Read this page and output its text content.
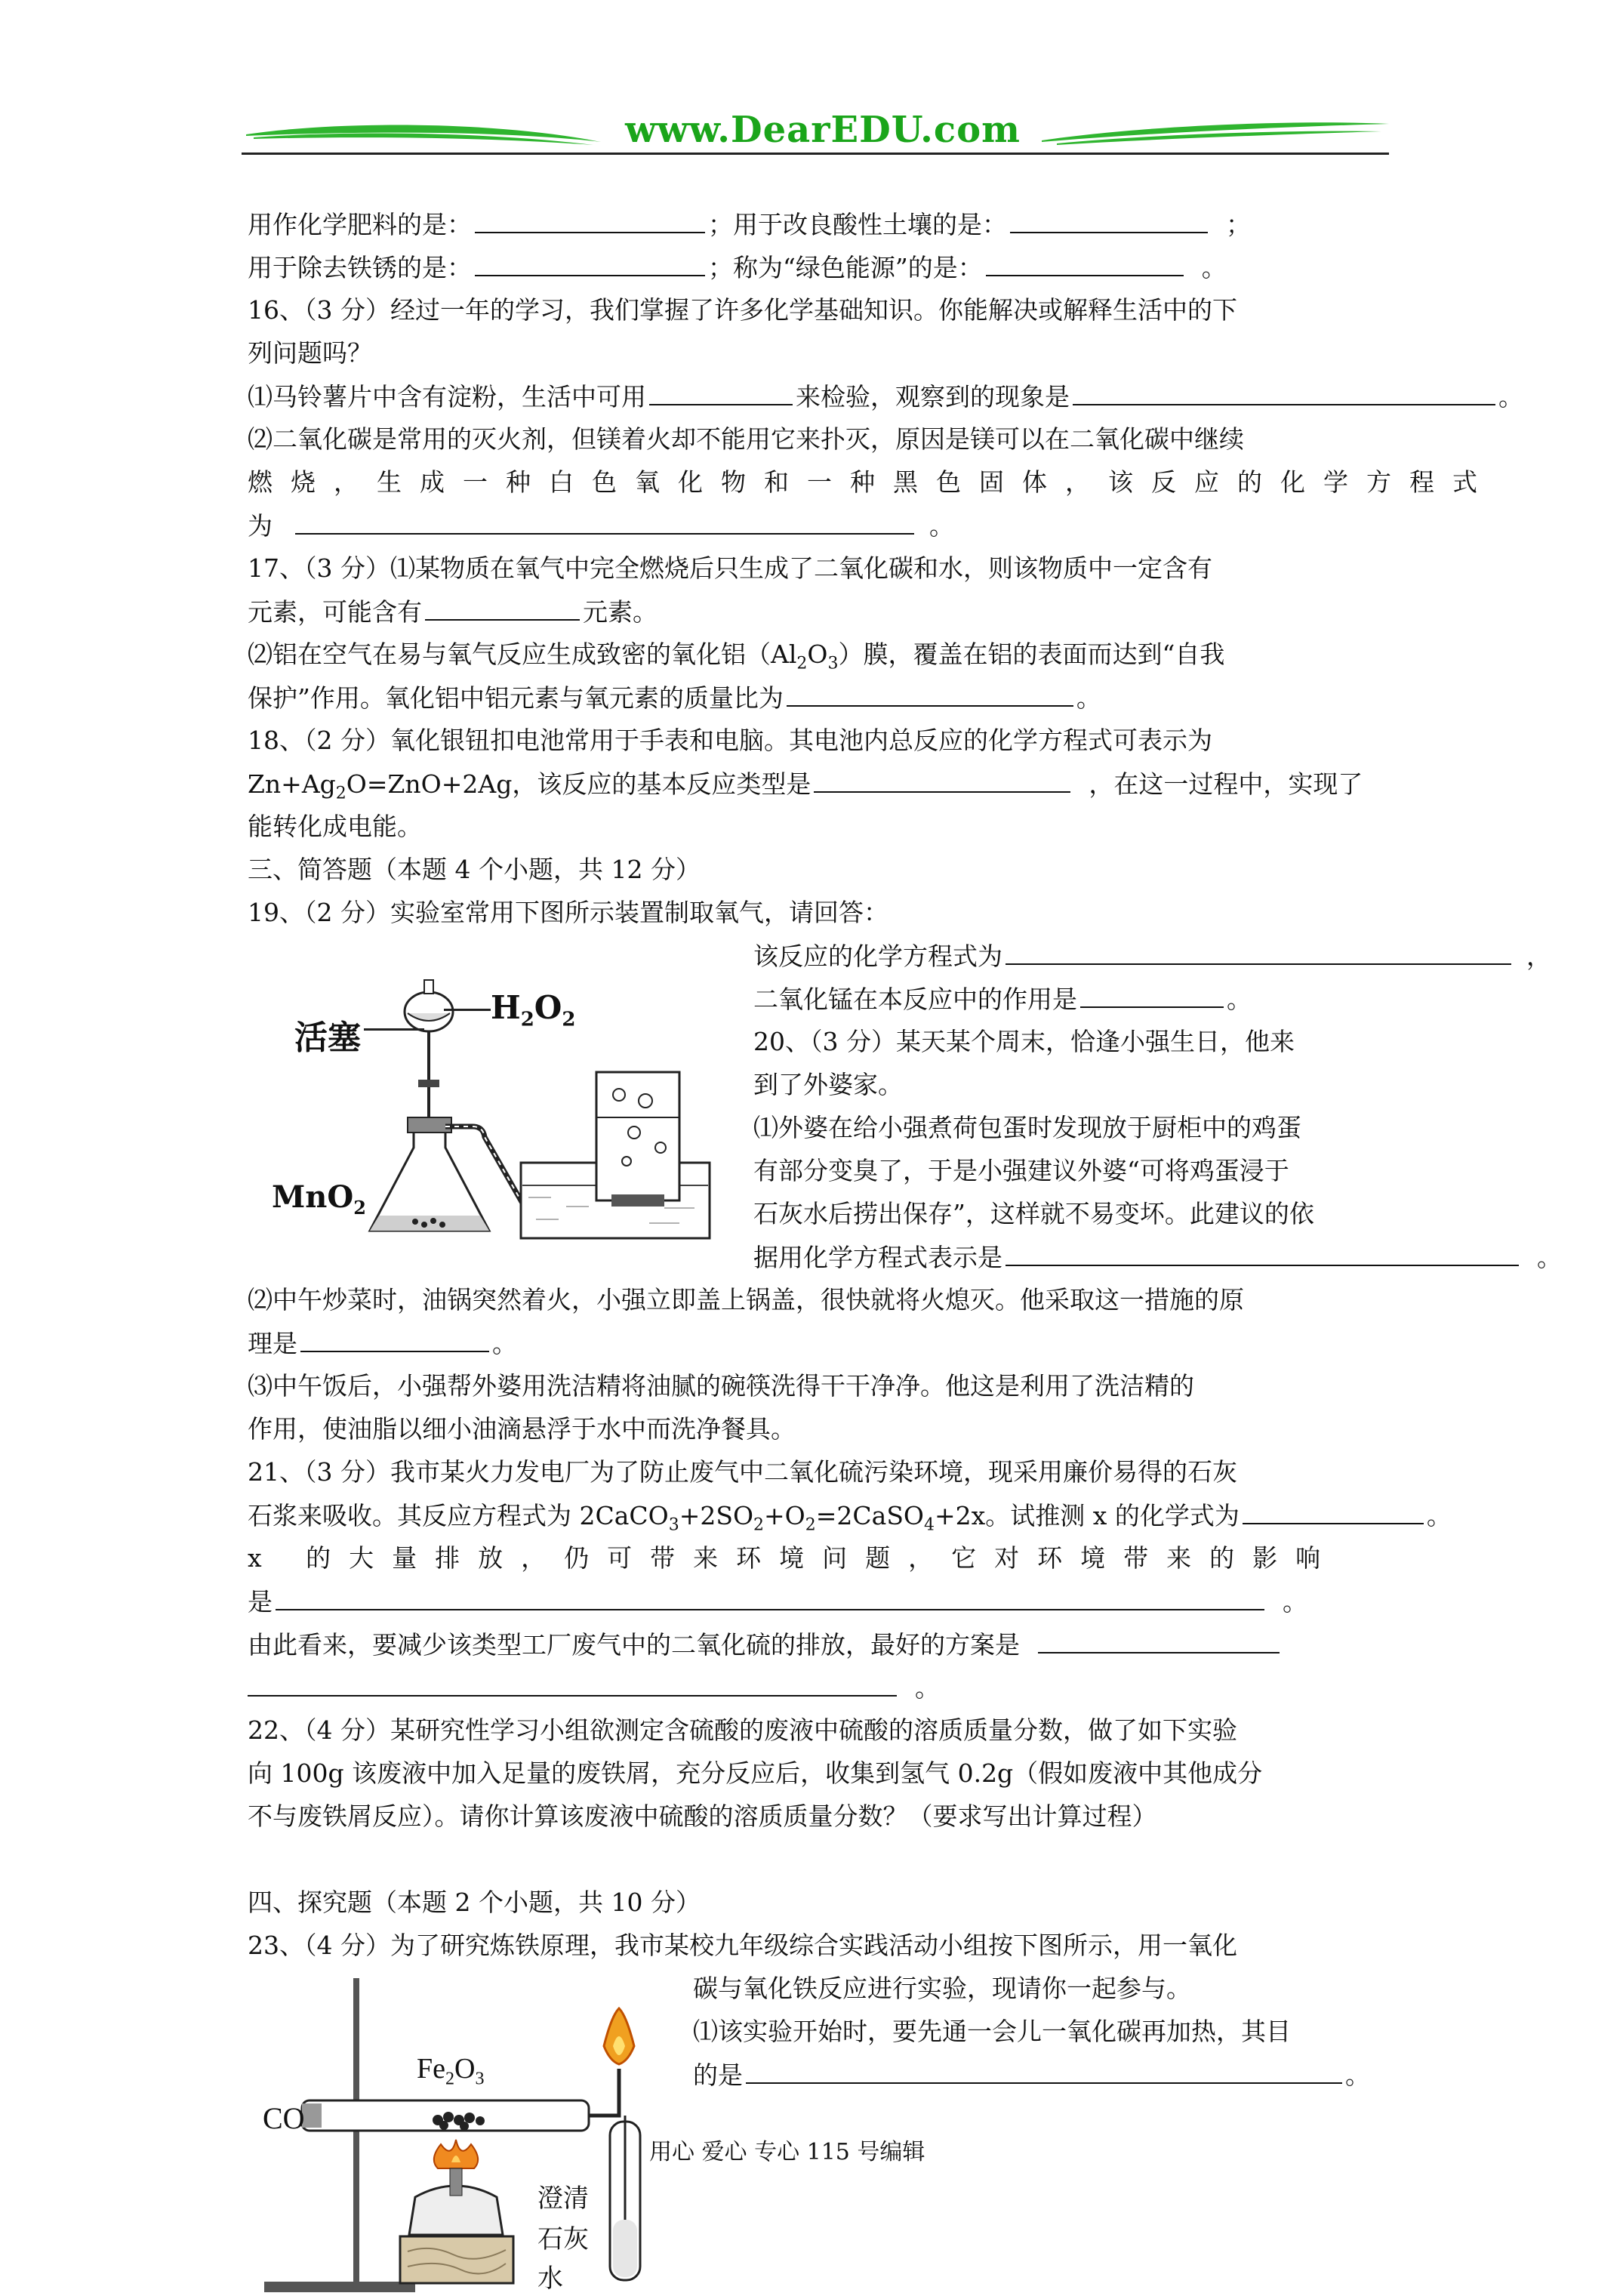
www.DearEDU.com
用作化学肥料的是：	；用于改良酸性土壤的是：	；
用于除去铁锈的是：	；称为“绿色能源”的是：	。
16、（3 分）经过一年的学习，我们掌握了许多化学基础知识。你能解决或解释生活中的下
列问题吗？
⑴马铃薯片中含有淀粉，生活中可用	来检验，观察到的现象是	。
⑵二氧化碳是常用的灭火剂，但镁着火却不能用它来扑灭，原因是镁可以在二氧化碳中继续
燃烧，生成一种白色氧化物和一种黑色固体，该反应的化学方程式
为	。
17、（3 分）⑴某物质在氧气中完全燃烧后只生成了二氧化碳和水，则该物质中一定含有
元素，可能含有	元素。
⑵铝在空气在易与氧气反应生成致密的氧化铝$(Al_2O_3)$膜，覆盖在铝的表面而达到“自我
保护”作用。氧化铝中铝元素与氧元素的质量比为	。
18、（2 分）氧化银钮扣电池常用于手表和电脑。其电池内总反应的化学方程式可表示为
$Zn+Ag_2O=ZnO+2Ag$，该反应的基本反应类型是	，在这一过程中，实现了
能转化成电能。
三、简答题（本题 4 个小题，共 12 分）
19、（2 分）实验室常用下图所示装置制取氧气，请回答：
该反应的化学方程式为	，
二氧化锰在本反应中的作用是	。
20、（3 分）某天某个周末，恰逢小强生日，他来
到了外婆家。
⑴外婆在给小强煮荷包蛋时发现放于厨柜中的鸡蛋
有部分变臭了，于是小强建议外婆“可将鸡蛋浸于
石灰水后捞出保存”，这样就不易变坏。此建议的依
据用化学方程式表示是	。
活塞
$H_2O_2$
MnO$_2$
⑵中午炒菜时，油锅突然着火，小强立即盖上锅盖，很快就将火熄灭。他采取这一措施的原
理是	。
⑶中午饭后，小强帮外婆用洗洁精将油腻的碗筷洗得干干净净。他这是利用了洗洁精的
作用，使油脂以细小油滴悬浮于水中而洗净餐具。
21、（3 分）我市某火力发电厂为了防止废气中二氧化硫污染环境，现采用廉价易得的石灰
石浆来吸收。其反应方程式为 $2CaCO_3+2SO_2+O_2=2CaSO_4+2x$。试推测 x 的化学式为	。
x 的大量排放，仍可带来环境问题，它对环境带来的影响
是	。
由此看来，要减少该类型工厂废气中的二氧化硫的排放，最好的方案是
。
22、（4 分）某研究性学习小组欲测定含硫酸的废液中硫酸的溶质质量分数，做了如下实验
向 100g 该废液中加入足量的废铁屑，充分反应后，收集到氢气 0.2g（假如废液中其他成分
不与废铁屑反应）。请你计算该废液中硫酸的溶质质量分数？（要求写出计算过程）
四、探究题（本题 2 个小题，共 10 分）
23、（4 分）为了研究炼铁原理，我市某校九年级综合实践活动小组按下图所示，用一氧化
碳与氧化铁反应进行实验，现请你一起参与。
⑴该实验开始时，要先通一会儿一氧化碳再加热，其目
的是	。
$Fe_2O_3$
CO
澄清
石灰
水
用心 爱心 专心 115 号编辑
